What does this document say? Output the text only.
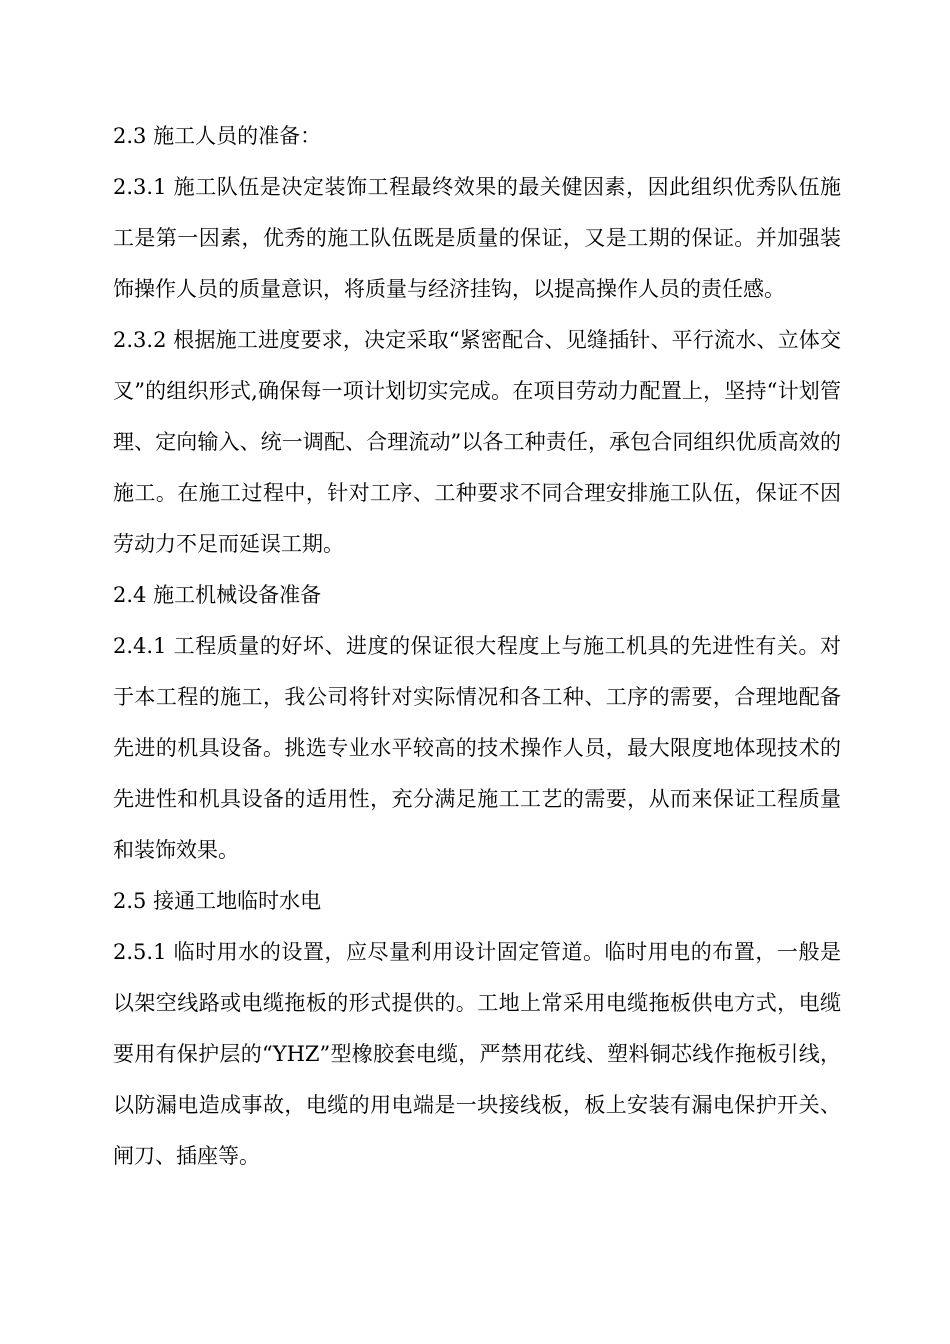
2.3 施工人员的准备：

2.3.1 施工队伍是决定装饰工程最终效果的最关健因素，因此组织优秀队伍施工是第一因素，优秀的施工队伍既是质量的保证，又是工期的保证。并加强装饰操作人员的质量意识，将质量与经济挂钩，以提高操作人员的责任感。

2.3.2 根据施工进度要求，决定采取“紧密配合、见缝插针、平行流水、立体交叉”的组织形式,确保每一项计划切实完成。在项目劳动力配置上，坚持“计划管理、定向输入、统一调配、合理流动”以各工种责任，承包合同组织优质高效的施工。在施工过程中，针对工序、工种要求不同合理安排施工队伍，保证不因劳动力不足而延误工期。

2.4 施工机械设备准备

2.4.1 工程质量的好坏、进度的保证很大程度上与施工机具的先进性有关。对于本工程的施工，我公司将针对实际情况和各工种、工序的需要，合理地配备先进的机具设备。挑选专业水平较高的技术操作人员，最大限度地体现技术的先进性和机具设备的适用性，充分满足施工工艺的需要，从而来保证工程质量和装饰效果。

2.5 接通工地临时水电

2.5.1 临时用水的设置，应尽量利用设计固定管道。临时用电的布置，一般是以架空线路或电缆拖板的形式提供的。工地上常采用电缆拖板供电方式，电缆要用有保护层的“YHZ”型橡胶套电缆，严禁用花线、塑料铜芯线作拖板引线，以防漏电造成事故，电缆的用电端是一块接线板，板上安装有漏电保护开关、闸刀、插座等。
